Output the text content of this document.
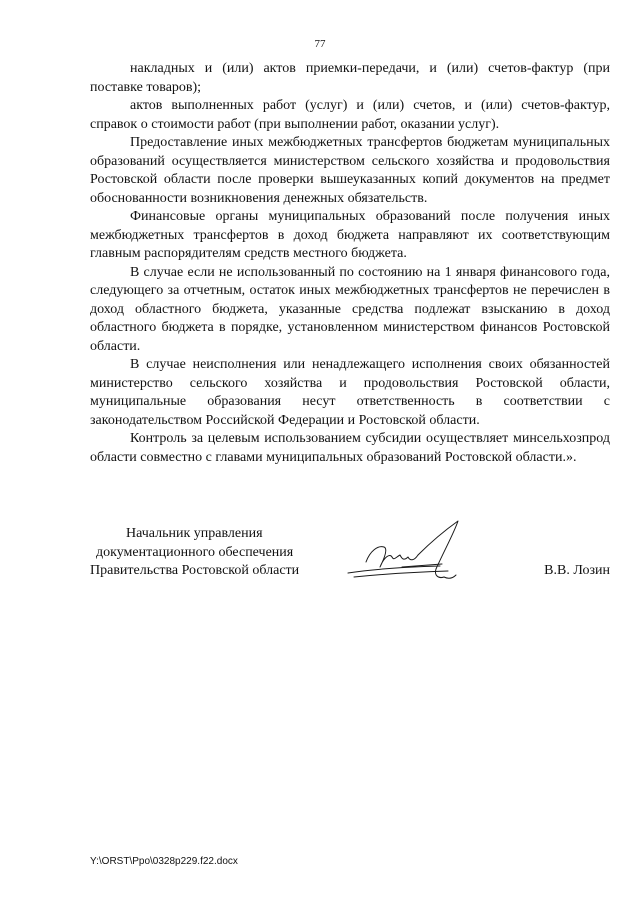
77

накладных и (или) актов приемки-передачи, и (или) счетов-фактур (при поставке товаров);

актов выполненных работ (услуг) и (или) счетов, и (или) счетов-фактур, справок о стоимости работ (при выполнении работ, оказании услуг).

Предоставление иных межбюджетных трансфертов бюджетам муниципальных образований осуществляется министерством сельского хозяйства и продовольствия Ростовской области после проверки вышеуказанных копий документов на предмет обоснованности возникновения денежных обязательств.

Финансовые органы муниципальных образований после получения иных межбюджетных трансфертов в доход бюджета направляют их соответствующим главным распорядителям средств местного бюджета.

В случае если не использованный по состоянию на 1 января финансового года, следующего за отчетным, остаток иных межбюджетных трансфертов не перечислен в доход областного бюджета, указанные средства подлежат взысканию в доход областного бюджета в порядке, установленном министерством финансов Ростовской области.

В случае неисполнения или ненадлежащего исполнения своих обязанностей министерство сельского хозяйства и продовольствия Ростовской области, муниципальные образования несут ответственность в соответствии с законодательством Российской Федерации и Ростовской области.

Контроль за целевым использованием субсидии осуществляет минсельхозпрод области совместно с главами муниципальных образований Ростовской области.».

Начальник управления
документационного обеспечения
Правительства Ростовской области	В.В. Лозин
Y:\ORST\Ppo\0328p229.f22.docx
